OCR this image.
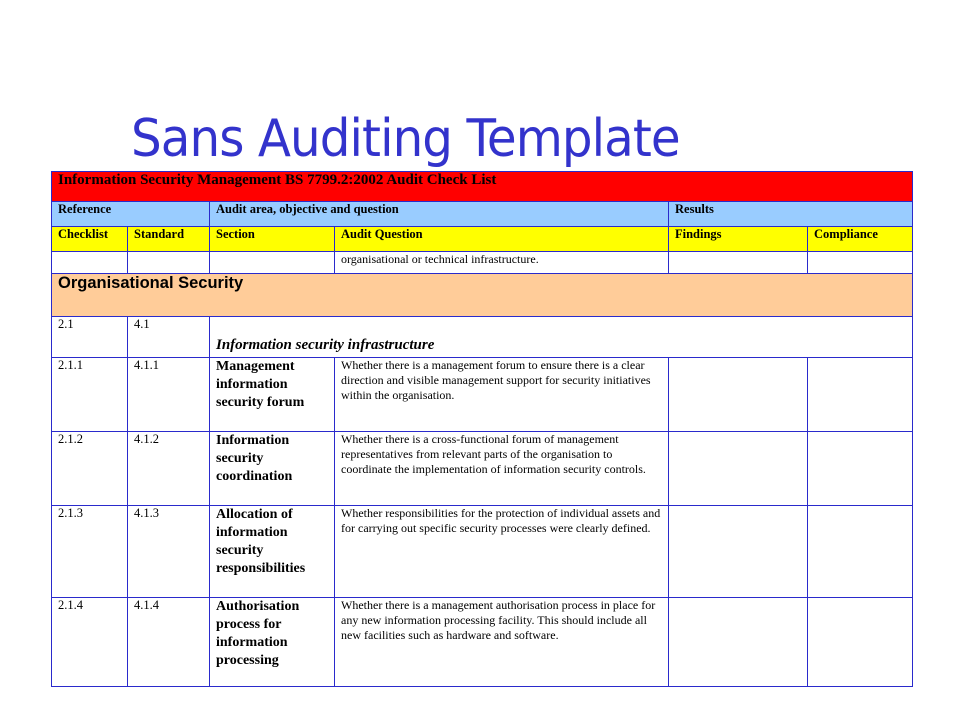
Sans Auditing Template
Information Security Management BS 7799.2:2002 Audit Check List					
Reference		Audit area, objective and question		Results	
Checklist	Standard	Section	Audit Question	Findings	Compliance
			organisational or technical infrastructure.		
Organisational Security					
2.1	4.1	Information security infrastructure			
2.1.1	4.1.1	Management information security forum	Whether there is a management forum to ensure there is a clear direction and visible management support for security initiatives within the organisation.		
2.1.2	4.1.2	Information security coordination	Whether there is a cross-functional forum of management representatives from relevant parts of the organisation to coordinate the implementation of information security controls.		
2.1.3	4.1.3	Allocation of information security responsibilities	Whether responsibilities for the protection of individual assets and for carrying out specific security processes were clearly defined.		
2.1.4	4.1.4	Authorisation process for information processing	Whether there is a management authorisation process in place for any new information processing facility. This should include all new facilities such as hardware and software.		
